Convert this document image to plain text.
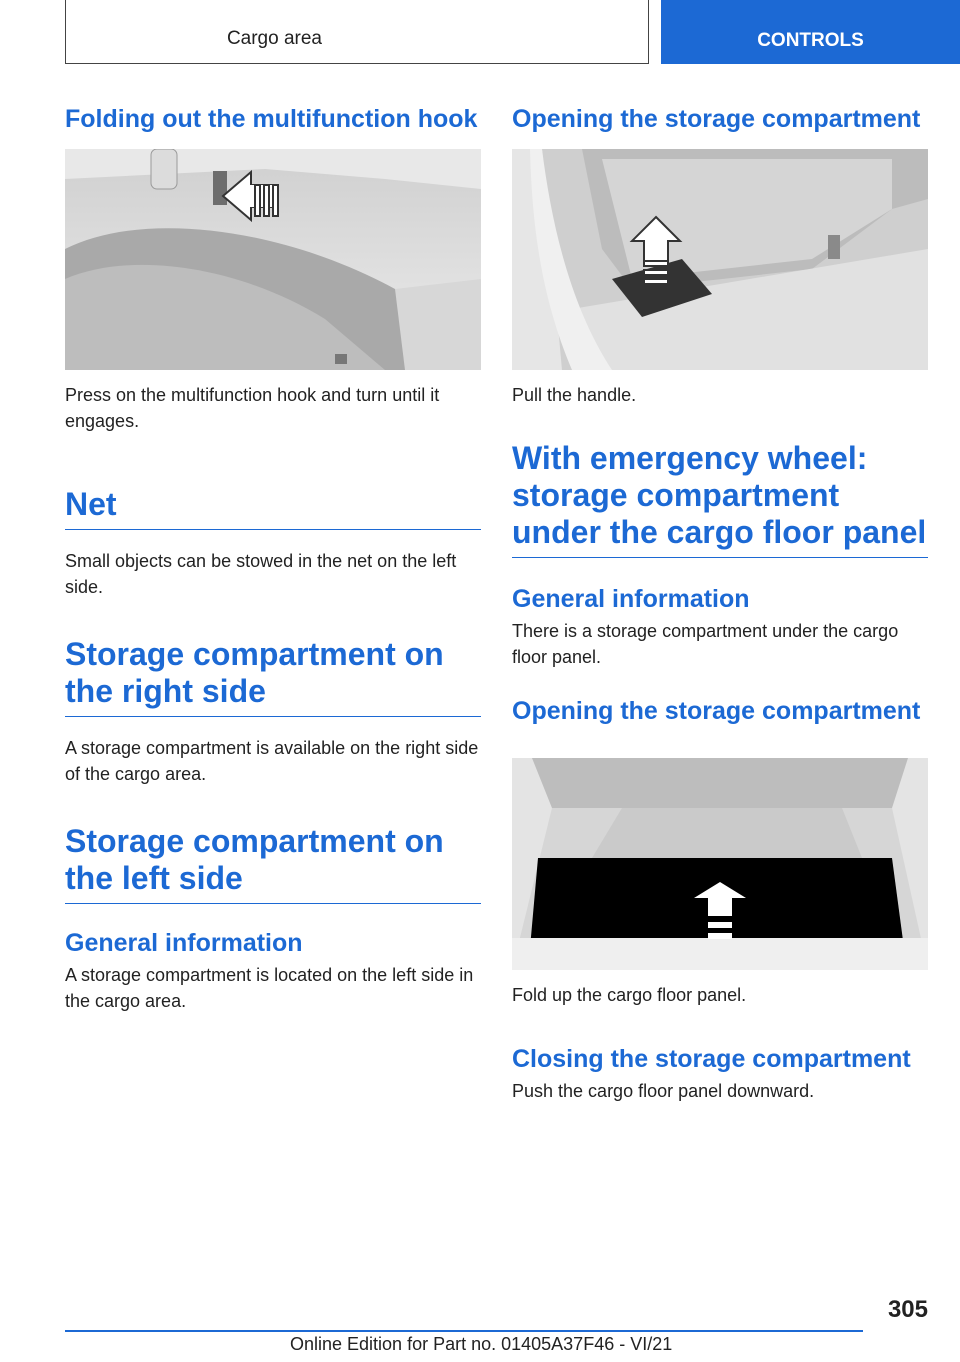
Cargo area	CONTROLS
Folding out the multifunction hook

Press on the multifunction hook and turn until it engages.

Net

Small objects can be stowed in the net on the left side.

Storage compartment on the right side

A storage compartment is available on the right side of the cargo area.

Storage compartment on the left side
General information

A storage compartment is located on the left side in the cargo area.

Opening the storage compartment

Pull the handle.

With emergency wheel: storage compartment under the cargo floor panel
General information

There is a storage compartment under the cargo floor panel.

Opening the storage compartment

Fold up the cargo floor panel.

Closing the storage compartment

Push the cargo floor panel downward.

305
Online Edition for Part no. 01405A37F46 - VI/21
